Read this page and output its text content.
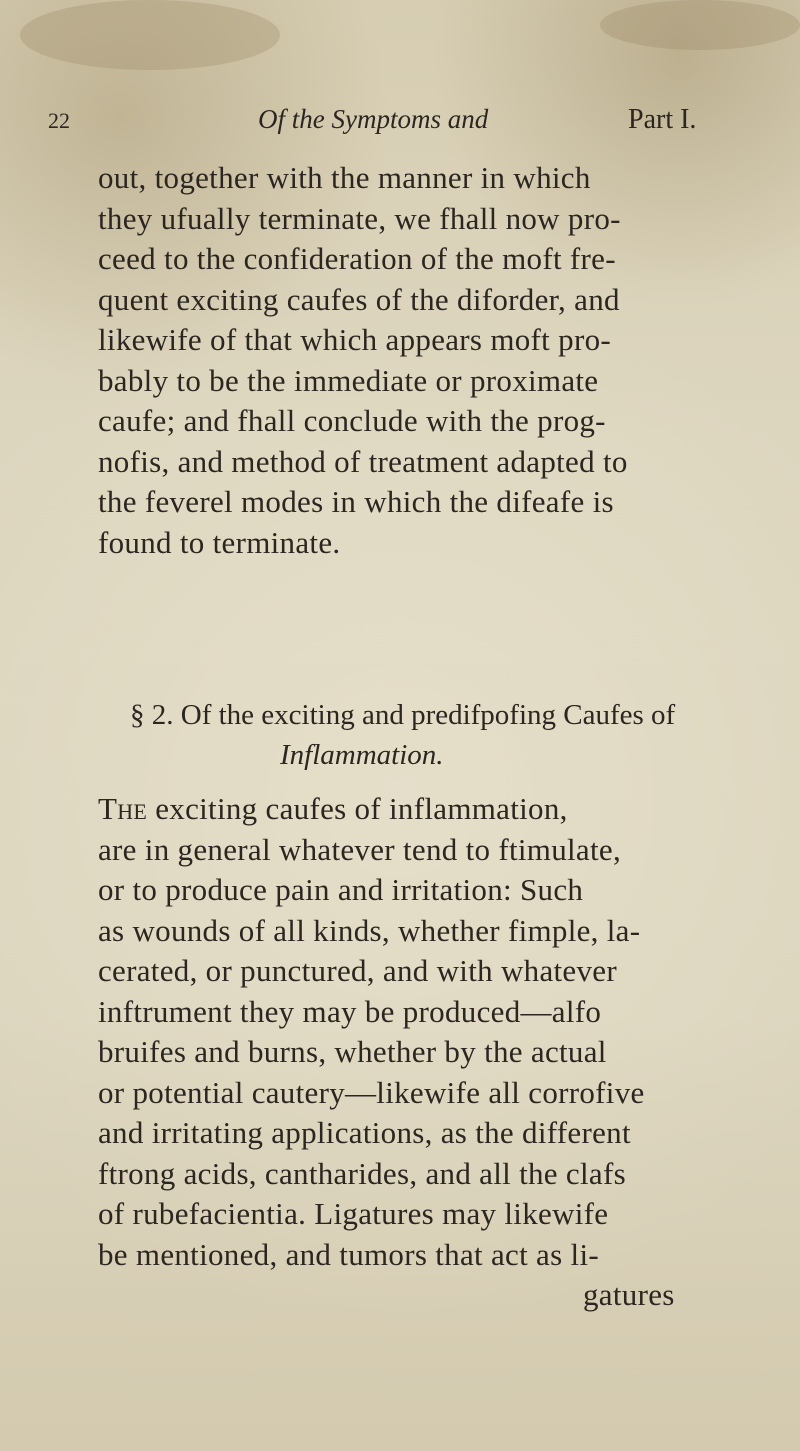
22	Of the Symptoms and	Part I.
out, together with the manner in which
they ufually terminate, we fhall now pro-
ceed to the confideration of the moft fre-
quent exciting caufes of the diforder, and
likewife of that which appears moft pro-
bably to be the immediate or proximate
caufe; and fhall conclude with the prog-
nofis, and method of treatment adapted to
the feverel modes in which the difeafe is
found to terminate.
§ 2. Of the exciting and predifpofing Caufes of
Inflammation.
The exciting caufes of inflammation,
are in general whatever tend to ftimulate,
or to produce pain and irritation: Such
as wounds of all kinds, whether fimple, la-
cerated, or punctured, and with whatever
inftrument they may be produced—alfo
bruifes and burns, whether by the actual
or potential cautery—likewife all corrofive
and irritating applications, as the different
ftrong acids, cantharides, and all the clafs
of rubefacientia. Ligatures may likewife
be mentioned, and tumors that act as li-
gatures
